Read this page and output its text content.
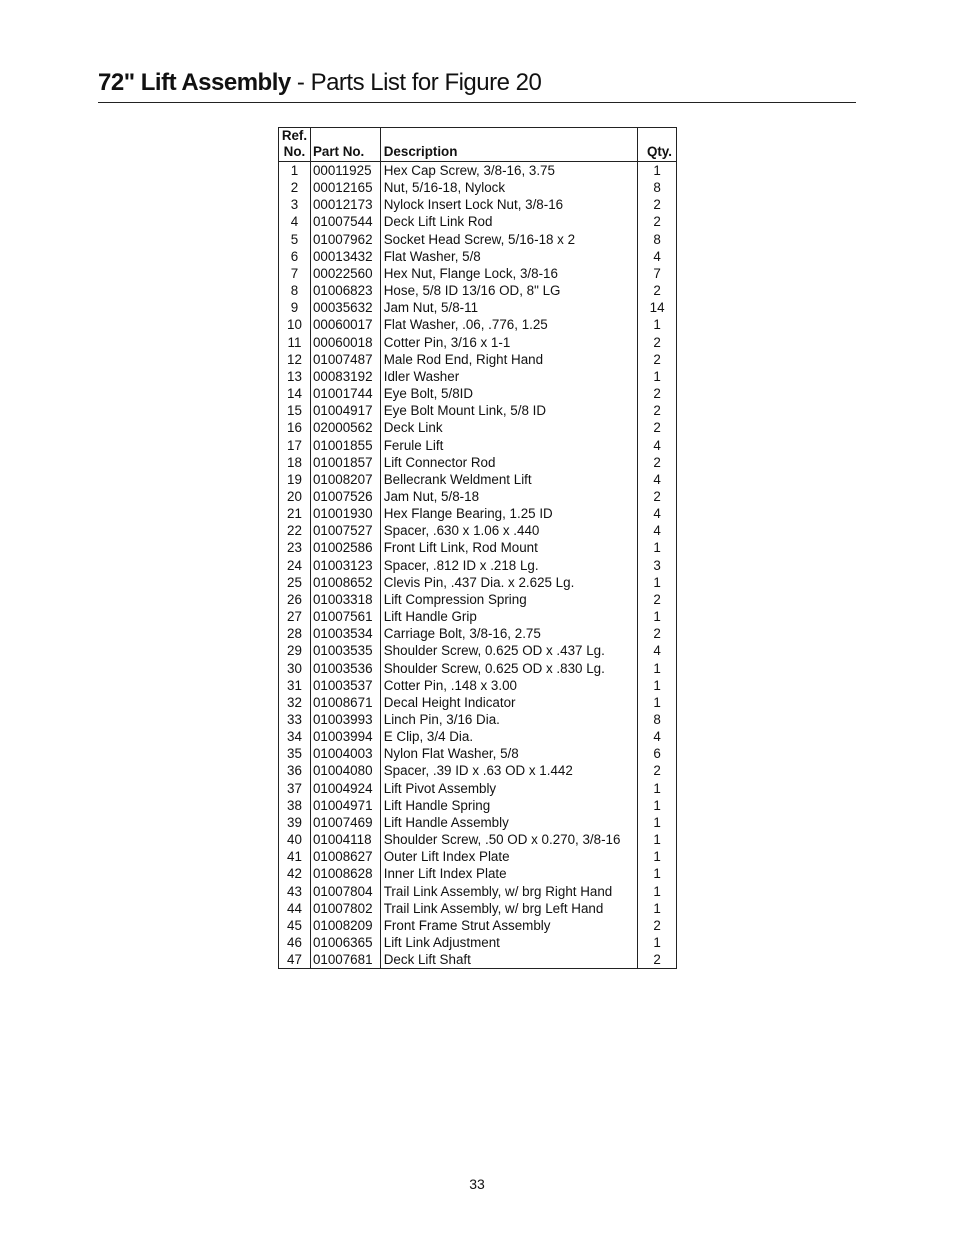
72" Lift Assembly - Parts List for Figure 20
Ref.
No.	Part No.	Description	Qty.
1	00011925	Hex Cap Screw, 3/8-16, 3.75	1
2	00012165	Nut, 5/16-18, Nylock	8
3	00012173	Nylock Insert Lock Nut, 3/8-16	2
4	01007544	Deck Lift Link Rod	2
5	01007962	Socket Head Screw, 5/16-18 x 2	8
6	00013432	Flat Washer, 5/8	4
7	00022560	Hex Nut, Flange Lock, 3/8-16	7
8	01006823	Hose, 5/8 ID 13/16 OD, 8" LG	2
9	00035632	Jam Nut, 5/8-11	14
10	00060017	Flat Washer, .06, .776, 1.25	1
11	00060018	Cotter Pin, 3/16 x 1-1	2
12	01007487	Male Rod End, Right Hand	2
13	00083192	Idler Washer	1
14	01001744	Eye Bolt, 5/8ID	2
15	01004917	Eye Bolt Mount Link, 5/8 ID	2
16	02000562	Deck Link	2
17	01001855	Ferule Lift	4
18	01001857	Lift Connector Rod	2
19	01008207	Bellecrank Weldment Lift	4
20	01007526	Jam Nut, 5/8-18	2
21	01001930	Hex Flange Bearing, 1.25 ID	4
22	01007527	Spacer, .630 x 1.06 x .440	4
23	01002586	Front Lift Link, Rod Mount	1
24	01003123	Spacer, .812 ID x .218 Lg.	3
25	01008652	Clevis Pin, .437 Dia. x 2.625 Lg.	1
26	01003318	Lift Compression Spring	2
27	01007561	Lift Handle Grip	1
28	01003534	Carriage Bolt, 3/8-16, 2.75	2
29	01003535	Shoulder Screw, 0.625 OD x .437 Lg.	4
30	01003536	Shoulder Screw, 0.625 OD x .830 Lg.	1
31	01003537	Cotter Pin, .148 x 3.00	1
32	01008671	Decal Height Indicator	1
33	01003993	Linch Pin, 3/16 Dia.	8
34	01003994	E Clip, 3/4 Dia.	4
35	01004003	Nylon Flat Washer, 5/8	6
36	01004080	Spacer, .39 ID x .63 OD x 1.442	2
37	01004924	Lift Pivot Assembly	1
38	01004971	Lift Handle Spring	1
39	01007469	Lift Handle Assembly	1
40	01004118	Shoulder Screw, .50 OD x 0.270, 3/8-16	1
41	01008627	Outer Lift Index Plate	1
42	01008628	Inner Lift Index Plate	1
43	01007804	Trail Link Assembly, w/ brg Right Hand	1
44	01007802	Trail Link Assembly, w/ brg Left Hand	1
45	01008209	Front Frame Strut Assembly	2
46	01006365	Lift Link Adjustment	1
47	01007681	Deck Lift Shaft	2
33
